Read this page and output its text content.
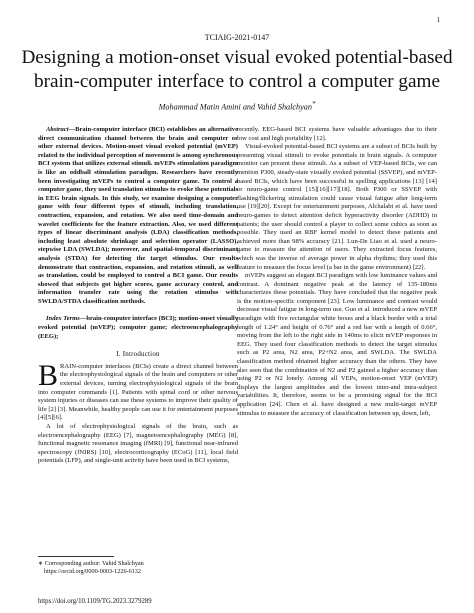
1
TCIAIG-2021-0147
Designing a motion-onset visual evoked potential-based brain-computer interface to control a computer game
Mohammad Matin Amini and Vahid Shalchyan*

Abstract—Brain-computer interface (BCI) establishes an alternative direct communication channel between the brain and computer or other external devices. Motion-onset visual evoked potential (mVEP) related to the individual perception of movement is among synchronous BCI system that utilizes external stimuli. mVEPs stimulation paradigm is like an oddball stimulation paradigm. Researchers have recently been investigating mVEPs to control a computer game. To control a computer game, they used translation stimulus to evoke these potentials in EEG brain signals. In this study, we examine designing a computer game with four different types of stimuli, including translation, contraction, expansion, and rotation. We also used time-domain and wavelet coefficients for the feature extraction. Also, we used different types of linear discriminant analysis (LDA) classification methods, including least absolute shrinkage and selection operator (LASSO), stepwise LDA (SWLDA); moreover, and spatial-temporal discriminant analysis (STDA) for detecting the target stimulus. Our results demonstrate that contraction, expansion, and rotation stimuli, as well as translation, could be employed to control a BCI game. Our results showed that subjects got higher scores, game accuracy control, and information transfer rate using the rotation stimulus with SWLDA/STDA classification methods.

Index Terms—brain-computer interface (BCI); motion-onset visually evoked potential (mVEP); computer game; electroencephalography (EEG);

I. Introduction

BRAIN-computer interfaces (BCIs) create a direct channel between the electrophysiological signals of the brain and computers or other external devices, turning electrophysiological signals of the brain into computer commands [1]. Patients with spinal cord or other nervous system injuries or diseases can use these systems to improve their quality of life [2] [3]. Meanwhile, healthy people can use it for entertainment purposes [4][5][6].

A lot of electrophysiological signals of the brain, such as electroencephalography (EEG) [7], magnetoencephalography (MEG) [8], functional magnetic resonance imaging (fMRI) [9], functional near-infrared spectroscopy (fNIRS) [10], electrocorticography (ECoG) [11], local field potentials (LFP), and single-unit activity have been used in BCI systems,

recently. EEG-based BCI systems have valuable advantages due to their low cost and high portability [12].

Visual-evoked potential-based BCI systems are a subset of BCIs built by presenting visual stimuli to evoke potentials in brain signals. A computer monitor can present these stimuli. As a subset of VEP-based BCIs, we can mention P300, steady-state visually evoked potential (SSVEP), and mVEP-based BCIs, which have been successful in spelling applications [13] [14] or neuro-game control [15][16][17][18]. Both P300 or SSVEP with flashing/flickering stimulation could cause visual fatigue after long-term use [19][20]. Except for entertainment purposes, Alchalabi et al. have used neuro-games to detect attention deficit hyperactivity disorder (ADHD) in patients; the user should control a player to collect some cubics as soon as possible. They used an RBF kernel model to detect these patients and achieved more than 98% accuracy [21]. Lun-De Liao et al. used a neuro-game to measure the attention of users. They extracted focus features, which was the inverse of average power in alpha rhythms; they used this feature to measure the focus level (a bar in the game environment) [22].

mVEPs suggest an elegant BCI paradigm with low luminance values and contrast. A dominant negative peak at the latency of 135-180ms characterizes these potentials. They have concluded that the negative peak is the motion-specific component [23]. Low luminance and contrast would decrease visual fatigue in long-term use. Guo et al. introduced a new mVEP paradigm with five rectangular white boxes and a black border with a total length of 1.24° and height of 0.76° and a red bar with a length of 0.66°, moving from the left to the right side in 140ms to elicit mVEP responses in EEG. They used four classification methods to detect the target stimulus such as P2 area, N2 area, P2+N2 area, and SWLDA. The SWLDA classification method obtained higher accuracy than the others. They have also seen that the combination of N2 and P2 gained a higher accuracy than using P2 or N2 lonely. Among all VEPs, motion-onset VEP (mVEP) displays the largest amplitudes and the lowest inter-and intra-subject variabilities. It, therefore, seems to be a promising signal for the BCI application [24]. Chen et al. have designed a new multi-target mVEP stimulus to measure the accuracy of classification between up, down, left,

∗ Corresponding author: Vahid Shalchyan
https://orcid.org/0000-0003-1226-6132
https://doi.org/10.1109/TG.2023.3279289
